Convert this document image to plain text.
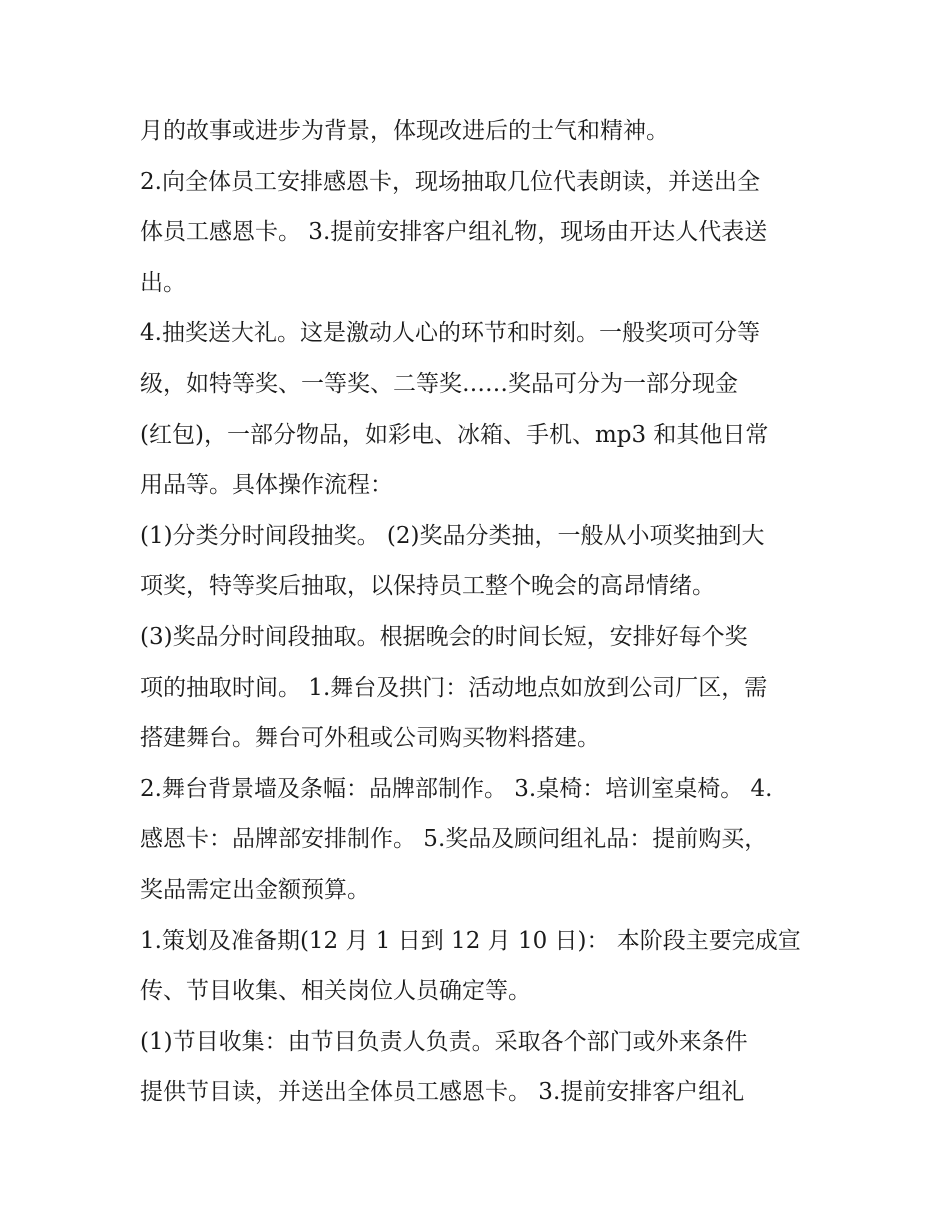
月的故事或进步为背景，体现改进后的士气和精神。
2.向全体员工安排感恩卡，现场抽取几位代表朗读，并送出全
体员工感恩卡。 3.提前安排客户组礼物，现场由开达人代表送
出。
4.抽奖送大礼。这是激动人心的环节和时刻。一般奖项可分等
级，如特等奖、一等奖、二等奖……奖品可分为一部分现金
(红包)，一部分物品，如彩电、冰箱、手机、mp3 和其他日常
用品等。具体操作流程：
(1)分类分时间段抽奖。 (2)奖品分类抽，一般从小项奖抽到大
项奖，特等奖后抽取，以保持员工整个晚会的高昂情绪。
(3)奖品分时间段抽取。根据晚会的时间长短，安排好每个奖
项的抽取时间。 1.舞台及拱门：活动地点如放到公司厂区，需
搭建舞台。舞台可外租或公司购买物料搭建。
2.舞台背景墙及条幅：品牌部制作。 3.桌椅：培训室桌椅。 4.
感恩卡：品牌部安排制作。 5.奖品及顾问组礼品：提前购买，
奖品需定出金额预算。
1.策划及准备期(12 月 1 日到 12 月 10 日)： 本阶段主要完成宣
传、节目收集、相关岗位人员确定等。
(1)节目收集：由节目负责人负责。采取各个部门或外来条件
提供节目读，并送出全体员工感恩卡。 3.提前安排客户组礼
